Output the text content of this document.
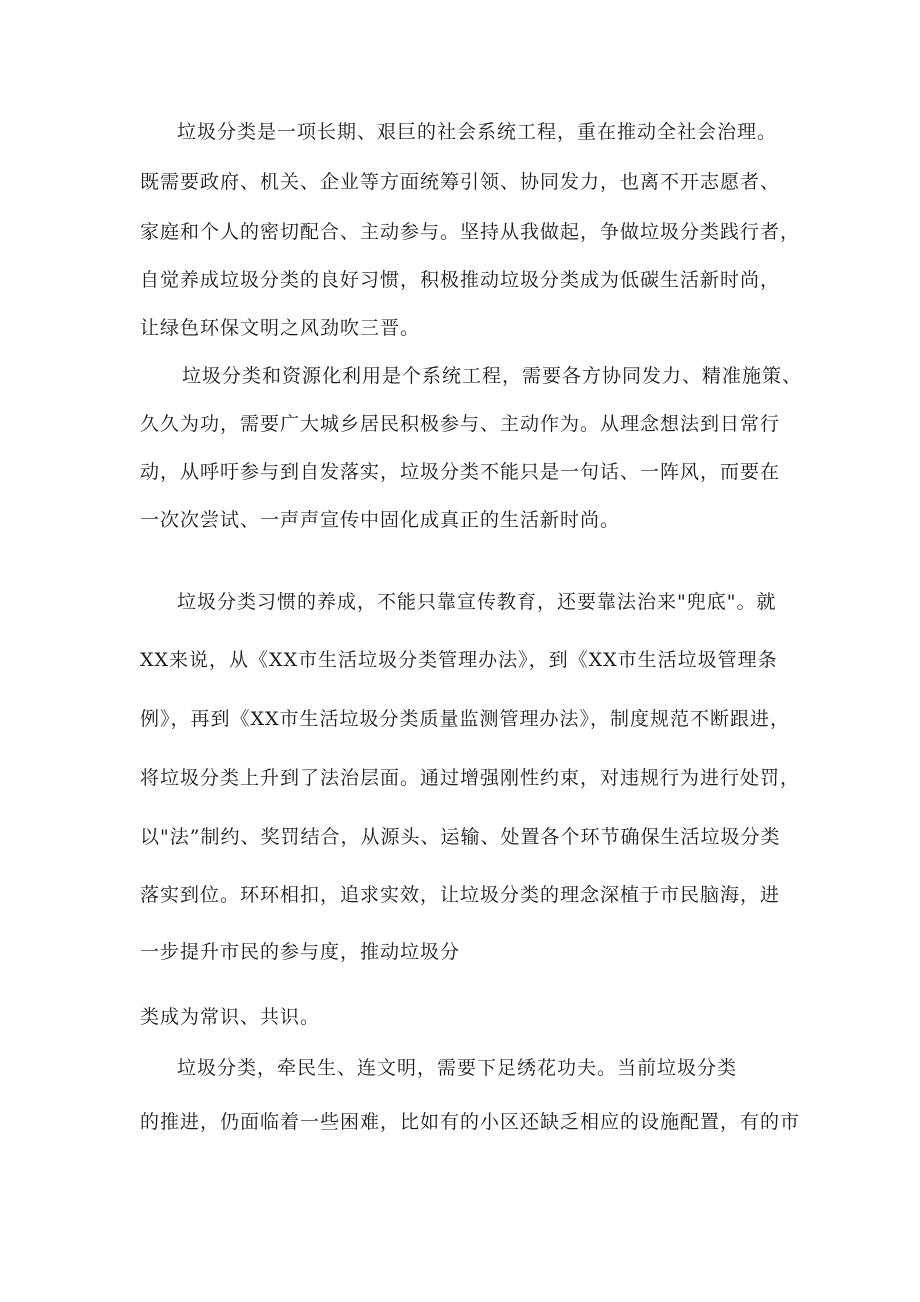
垃圾分类是一项长期、艰巨的社会系统工程，重在推动全社会治理。
既需要政府、机关、企业等方面统筹引领、协同发力，也离不开志愿者、
家庭和个人的密切配合、主动参与。坚持从我做起，争做垃圾分类践行者，
自觉养成垃圾分类的良好习惯，积极推动垃圾分类成为低碳生活新时尚，
让绿色环保文明之风劲吹三晋。
垃圾分类和资源化利用是个系统工程，需要各方协同发力、精准施策、
久久为功，需要广大城乡居民积极参与、主动作为。从理念想法到日常行
动，从呼吁参与到自发落实，垃圾分类不能只是一句话、一阵风，而要在
一次次尝试、一声声宣传中固化成真正的生活新时尚。
垃圾分类习惯的养成，不能只靠宣传教育，还要靠法治来"兜底"。就
XX来说，从《XX市生活垃圾分类管理办法》，到《XX市生活垃圾管理条
例》，再到《XX市生活垃圾分类质量监测管理办法》，制度规范不断跟进，
将垃圾分类上升到了法治层面。通过增强刚性约束，对违规行为进行处罚，
以"法”制约、奖罚结合，从源头、运输、处置各个环节确保生活垃圾分类
落实到位。环环相扣，追求实效，让垃圾分类的理念深植于市民脑海，进
一步提升市民的参与度，推动垃圾分
类成为常识、共识。
垃圾分类，牵民生、连文明，需要下足绣花功夫。当前垃圾分类
的推进，仍面临着一些困难，比如有的小区还缺乏相应的设施配置，有的市
